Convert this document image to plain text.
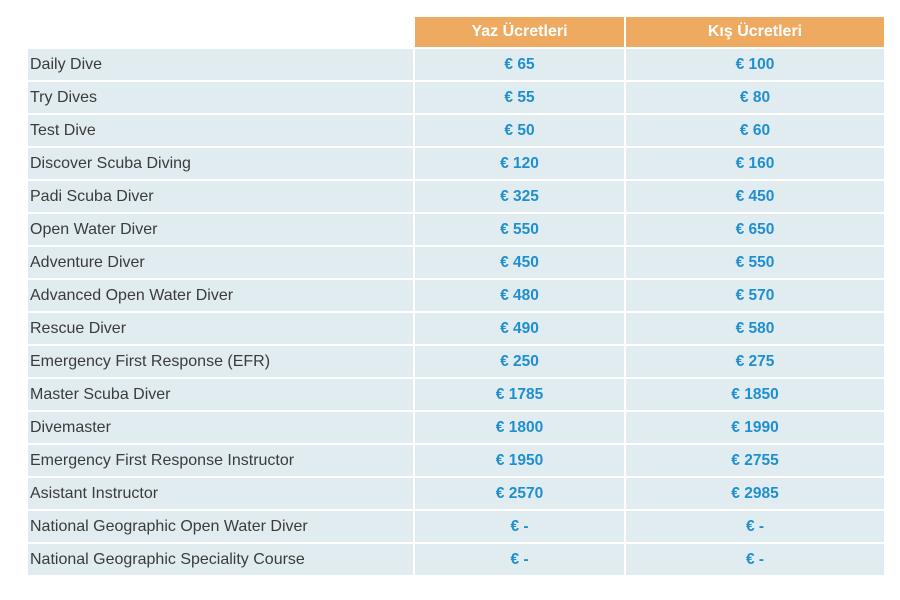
	Yaz Ücretleri	Kış Ücretleri
Daily Dive	€ 65	€ 100
Try Dives	€ 55	€ 80
Test Dive	€ 50	€ 60
Discover Scuba Diving	€ 120	€ 160
Padi Scuba Diver	€ 325	€ 450
Open Water Diver	€ 550	€ 650
Adventure Diver	€ 450	€ 550
Advanced Open Water Diver	€ 480	€ 570
Rescue Diver	€ 490	€ 580
Emergency First Response (EFR)	€ 250	€ 275
Master Scuba Diver	€ 1785	€ 1850
Divemaster	€ 1800	€ 1990
Emergency First Response Instructor	€ 1950	€ 2755
Asistant Instructor	€ 2570	€ 2985
National Geographic Open Water Diver	€ -	€ -
National Geographic Speciality Course	€ -	€ -
